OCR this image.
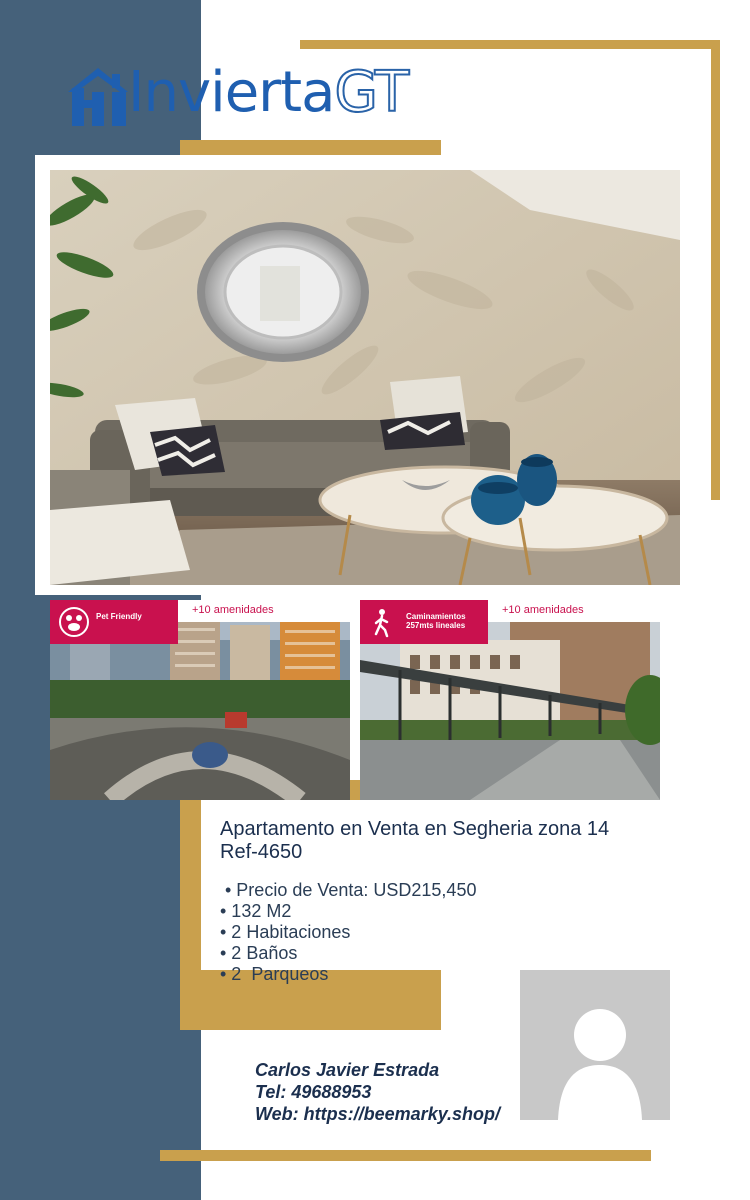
InviertaGT
Pet Friendly
+10 amenidades
Caminamientos 257mts lineales
+10 amenidades
Apartamento en Venta en Segheria zona 14
Ref-4650
• Precio de Venta: USD215,450
• 132 M2
• 2 Habitaciones
• 2 Baños
• 2  Parqueos
Carlos Javier Estrada
Tel: 49688953
Web: https://beemarky.shop/
